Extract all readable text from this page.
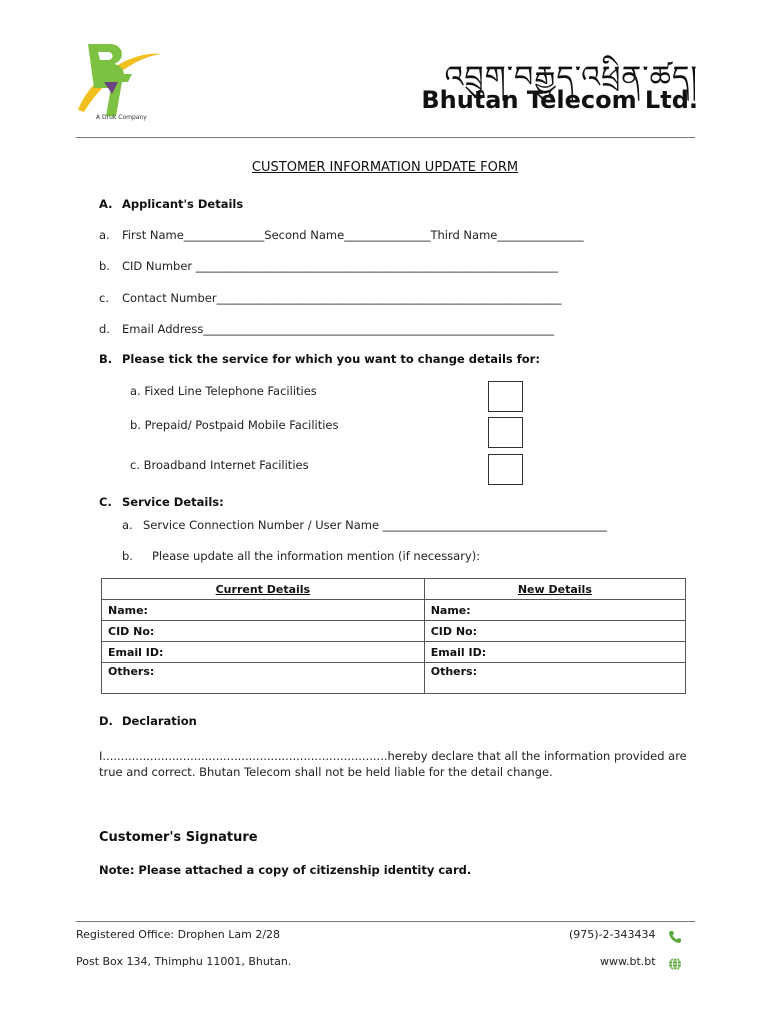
A Druk Company
འབྲུག་བརྒྱུད་འཕྲིན་ཚད།
Bhutan Telecom Ltd.
CUSTOMER INFORMATION UPDATE FORM
A. Applicant's Details
a. First Name______________Second Name_______________Third Name_______________
b. CID Number _______________________________________________________________
c. Contact Number____________________________________________________________
d. Email Address_____________________________________________________________
B. Please tick the service for which you want to change details for:
a. Fixed Line Telephone Facilities
b. Prepaid/ Postpaid Mobile Facilities
c. Broadband Internet Facilities
C. Service Details:
a. Service Connection Number / User Name _______________________________________
b. Please update all the information mention (if necessary):
Current Details	New Details
Name:	Name:
CID No:	CID No:
Email ID:	Email ID:
Others:	Others:
D. Declaration
I..............................................................................hereby declare that all the information provided are true and correct. Bhutan Telecom shall not be held liable for the detail change.
Customer's Signature
Note: Please attached a copy of citizenship identity card.
Registered Office: Drophen Lam 2/28
Post Box 134, Thimphu 11001, Bhutan.
(975)-2-343434
www.bt.bt
